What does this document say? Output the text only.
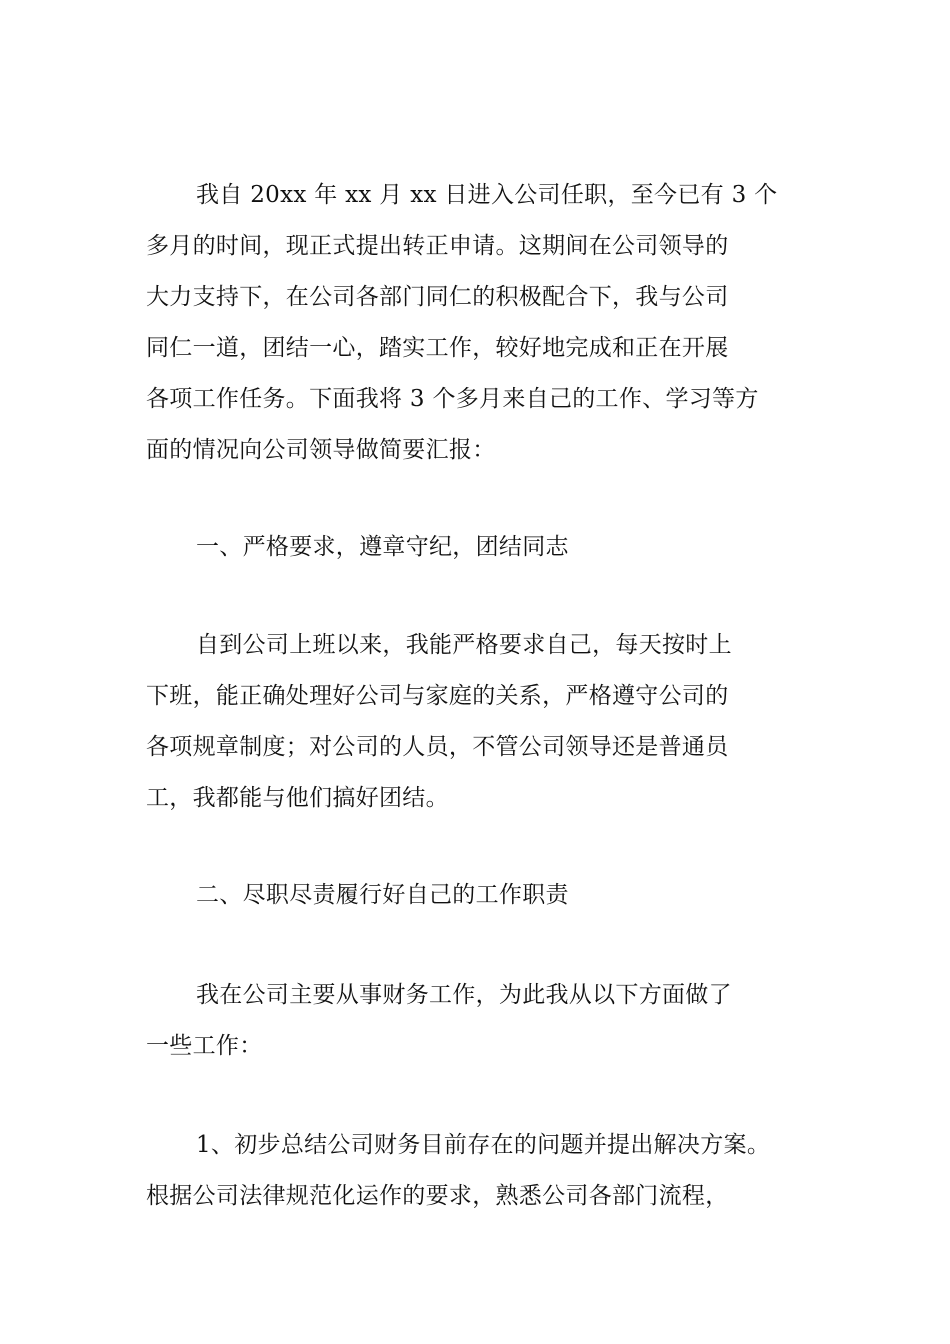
我自 20xx 年 xx 月 xx 日进入公司任职，至今已有 3 个
多月的时间，现正式提出转正申请。这期间在公司领导的
大力支持下，在公司各部门同仁的积极配合下，我与公司
同仁一道，团结一心，踏实工作，较好地完成和正在开展
各项工作任务。下面我将 3 个多月来自己的工作、学习等方
面的情况向公司领导做简要汇报：
一、严格要求，遵章守纪，团结同志
自到公司上班以来，我能严格要求自己，每天按时上
下班，能正确处理好公司与家庭的关系，严格遵守公司的
各项规章制度；对公司的人员，不管公司领导还是普通员
工，我都能与他们搞好团结。
二、尽职尽责履行好自己的工作职责
我在公司主要从事财务工作，为此我从以下方面做了
一些工作：
1、初步总结公司财务目前存在的问题并提出解决方案。
根据公司法律规范化运作的要求，熟悉公司各部门流程，
